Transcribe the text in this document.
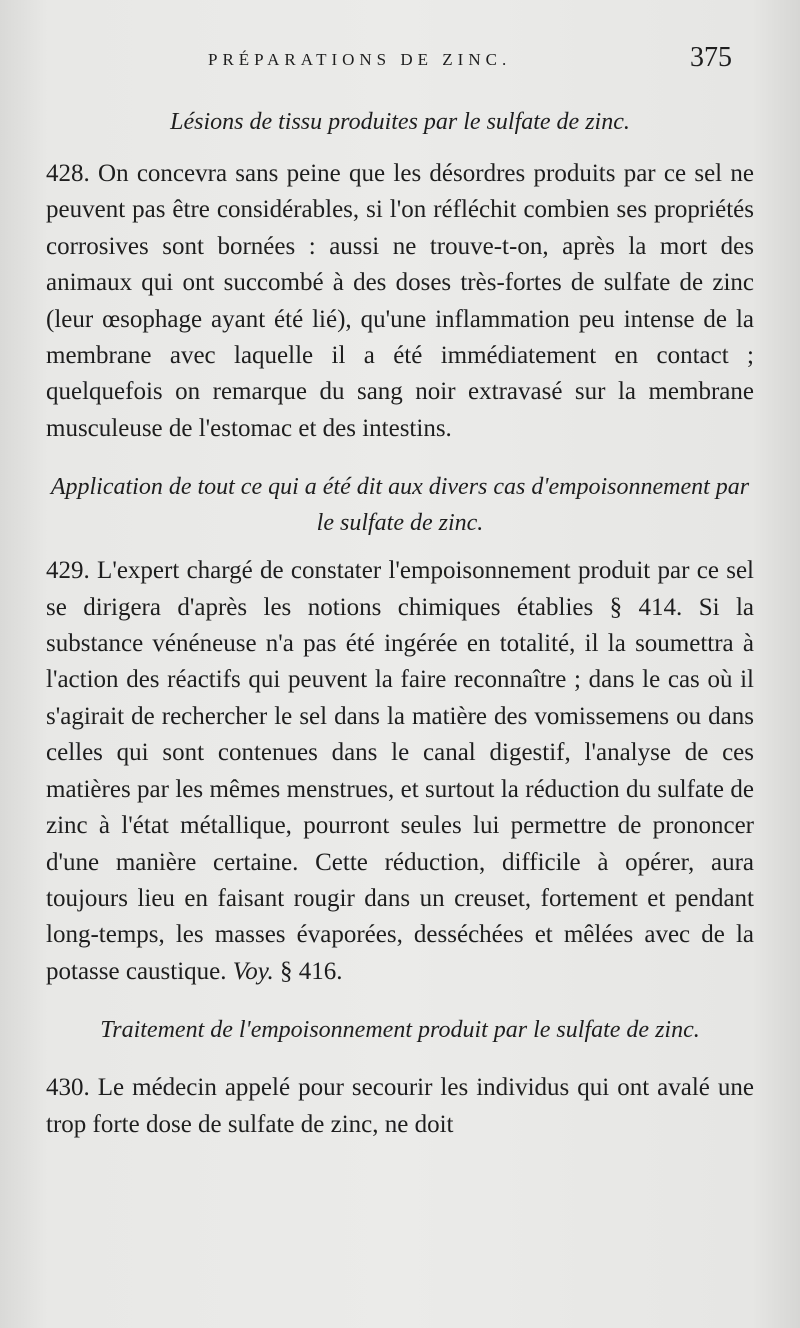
PRÉPARATIONS DE ZINC.	375

Lésions de tissu produites par le sulfate de zinc.

428. On concevra sans peine que les désordres produits par ce sel ne peuvent pas être considérables, si l'on réfléchit combien ses propriétés corrosives sont bornées : aussi ne trouve-t-on, après la mort des animaux qui ont succombé à des doses très-fortes de sulfate de zinc (leur œsophage ayant été lié), qu'une inflammation peu intense de la membrane avec laquelle il a été immédiatement en contact ; quelquefois on remarque du sang noir extravasé sur la membrane musculeuse de l'estomac et des intestins.

Application de tout ce qui a été dit aux divers cas d'empoisonnement par le sulfate de zinc.

429. L'expert chargé de constater l'empoisonnement produit par ce sel se dirigera d'après les notions chimiques établies § 414. Si la substance vénéneuse n'a pas été ingérée en totalité, il la soumettra à l'action des réactifs qui peuvent la faire reconnaître ; dans le cas où il s'agirait de rechercher le sel dans la matière des vomissemens ou dans celles qui sont contenues dans le canal digestif, l'analyse de ces matières par les mêmes menstrues, et surtout la réduction du sulfate de zinc à l'état métallique, pourront seules lui permettre de prononcer d'une manière certaine. Cette réduction, difficile à opérer, aura toujours lieu en faisant rougir dans un creuset, fortement et pendant long-temps, les masses évaporées, desséchées et mêlées avec de la potasse caustique. Voy. § 416.

Traitement de l'empoisonnement produit par le sulfate de zinc.

430. Le médecin appelé pour secourir les individus qui ont avalé une trop forte dose de sulfate de zinc, ne doit
